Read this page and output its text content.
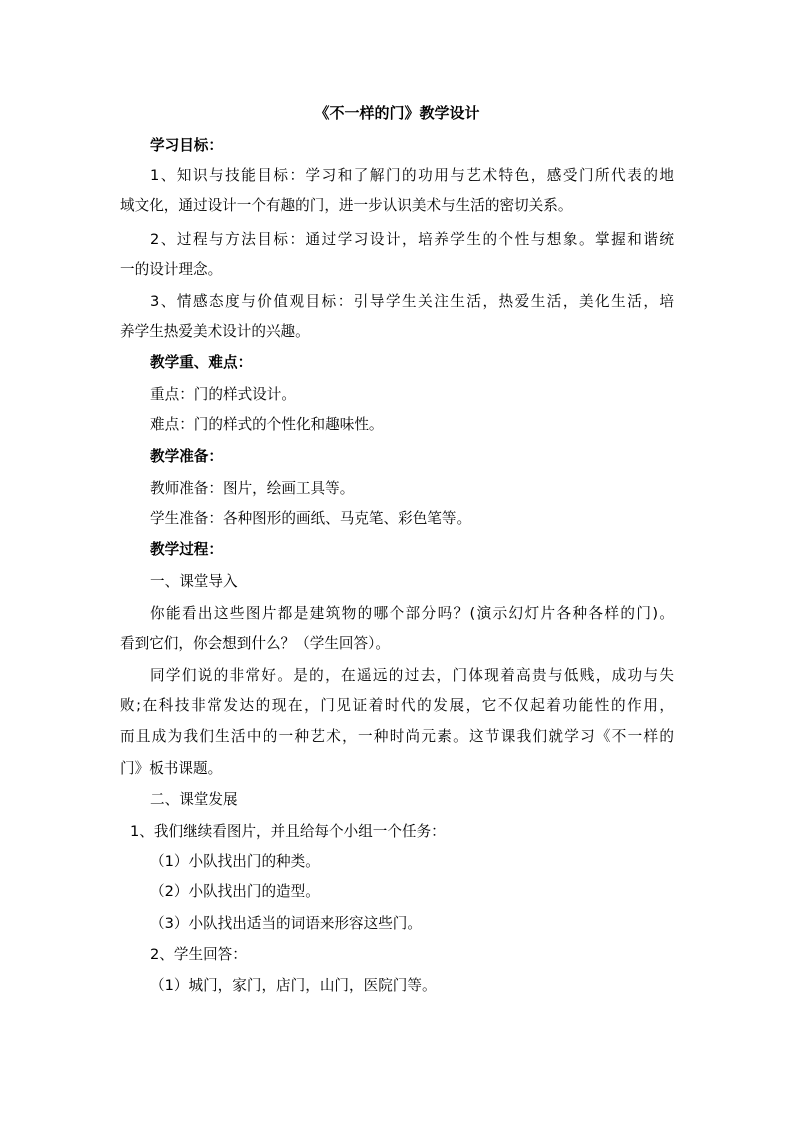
《不一样的门》教学设计
学习目标：
1、知识与技能目标：学习和了解门的功用与艺术特色，感受门所代表的地
域文化，通过设计一个有趣的门，进一步认识美术与生活的密切关系。
2、过程与方法目标：通过学习设计，培养学生的个性与想象。掌握和谐统
一的设计理念。
3、情感态度与价值观目标：引导学生关注生活，热爱生活，美化生活，培
养学生热爱美术设计的兴趣。
教学重、难点：
重点：门的样式设计。
难点：门的样式的个性化和趣味性。
教学准备：
教师准备：图片，绘画工具等。
学生准备：各种图形的画纸、马克笔、彩色笔等。
教学过程：
一、课堂导入
你能看出这些图片都是建筑物的哪个部分吗？(演示幻灯片各种各样的门)。
看到它们，你会想到什么？（学生回答）。
同学们说的非常好。是的，在遥远的过去，门体现着高贵与低贱，成功与失
败;在科技非常发达的现在，门见证着时代的发展，它不仅起着功能性的作用，
而且成为我们生活中的一种艺术，一种时尚元素。这节课我们就学习《不一样的
门》板书课题。
二、课堂发展
1、我们继续看图片，并且给每个小组一个任务：
（1）小队找出门的种类。
（2）小队找出门的造型。
（3）小队找出适当的词语来形容这些门。
2、学生回答：
（1）城门，家门，店门，山门，医院门等。
